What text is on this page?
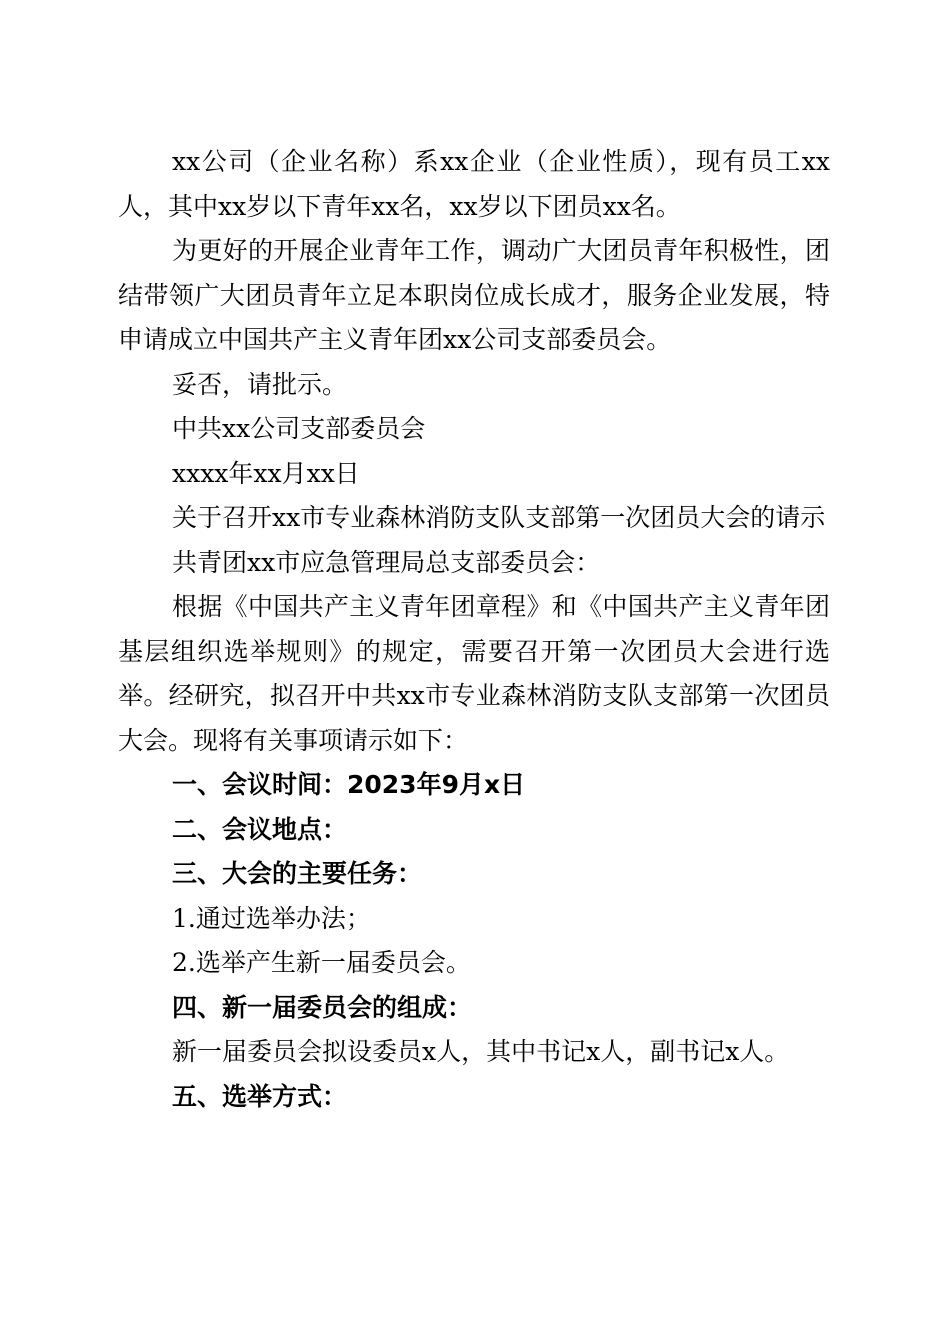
xx公司（企业名称）系xx企业（企业性质），现有员工xx人，其中xx岁以下青年xx名，xx岁以下团员xx名。

为更好的开展企业青年工作，调动广大团员青年积极性，团结带领广大团员青年立足本职岗位成长成才，服务企业发展，特申请成立中国共产主义青年团xx公司支部委员会。

妥否，请批示。

中共xx公司支部委员会

xxxx年xx月xx日

关于召开xx市专业森林消防支队支部第一次团员大会的请示

共青团xx市应急管理局总支部委员会：

根据《中国共产主义青年团章程》和《中国共产主义青年团基层组织选举规则》的规定，需要召开第一次团员大会进行选举。经研究，拟召开中共xx市专业森林消防支队支部第一次团员大会。现将有关事项请示如下：

一、会议时间：2023年9月x日

二、会议地点：

三、大会的主要任务：

1.通过选举办法；

2.选举产生新一届委员会。

四、新一届委员会的组成：

新一届委员会拟设委员x人，其中书记x人，副书记x人。

五、选举方式：
